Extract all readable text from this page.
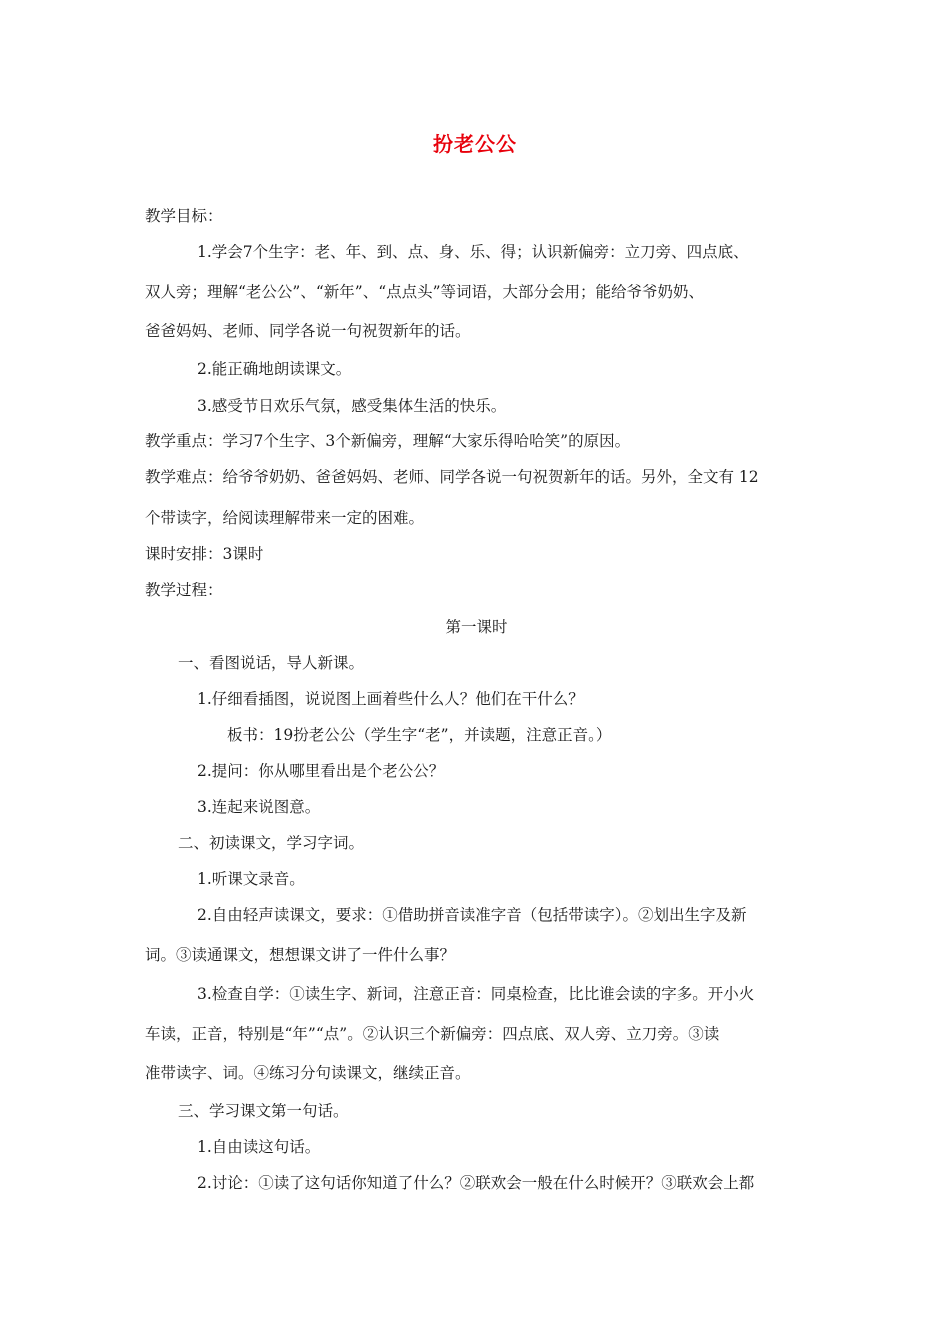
扮老公公
教学目标：
1.学会7个生字：老、年、到、点、身、乐、得；认识新偏旁：立刀旁、四点底、
双人旁；理解“老公公”、“新年”、“点点头”等词语，大部分会用；能给爷爷奶奶、
爸爸妈妈、老师、同学各说一句祝贺新年的话。
2.能正确地朗读课文。
3.感受节日欢乐气氛，感受集体生活的快乐。
教学重点：学习7个生字、3个新偏旁，理解“大家乐得哈哈笑”的原因。
教学难点：给爷爷奶奶、爸爸妈妈、老师、同学各说一句祝贺新年的话。另外，全文有 12
个带读字，给阅读理解带来一定的困难。
课时安排：3课时
教学过程：
第一课时
一、看图说话，导人新课。
1.仔细看插图，说说图上画着些什么人？他们在干什么？
板书：19扮老公公（学生字“老”，并读题，注意正音。）
2.提问：你从哪里看出是个老公公？
3.连起来说图意。
二、初读课文，学习字词。
1.听课文录音。
2.自由轻声读课文，要求：①借助拼音读准字音（包括带读字）。②划出生字及新
词。③读通课文，想想课文讲了一件什么事？
3.检查自学：①读生字、新词，注意正音：同桌检查，比比谁会读的字多。开小火
车读，正音，特别是“年”“点”。②认识三个新偏旁：四点底、双人旁、立刀旁。③读
准带读字、词。④练习分句读课文，继续正音。
三、学习课文第一句话。
1.自由读这句话。
2.讨论：①读了这句话你知道了什么？②联欢会一般在什么时候开？③联欢会上都
